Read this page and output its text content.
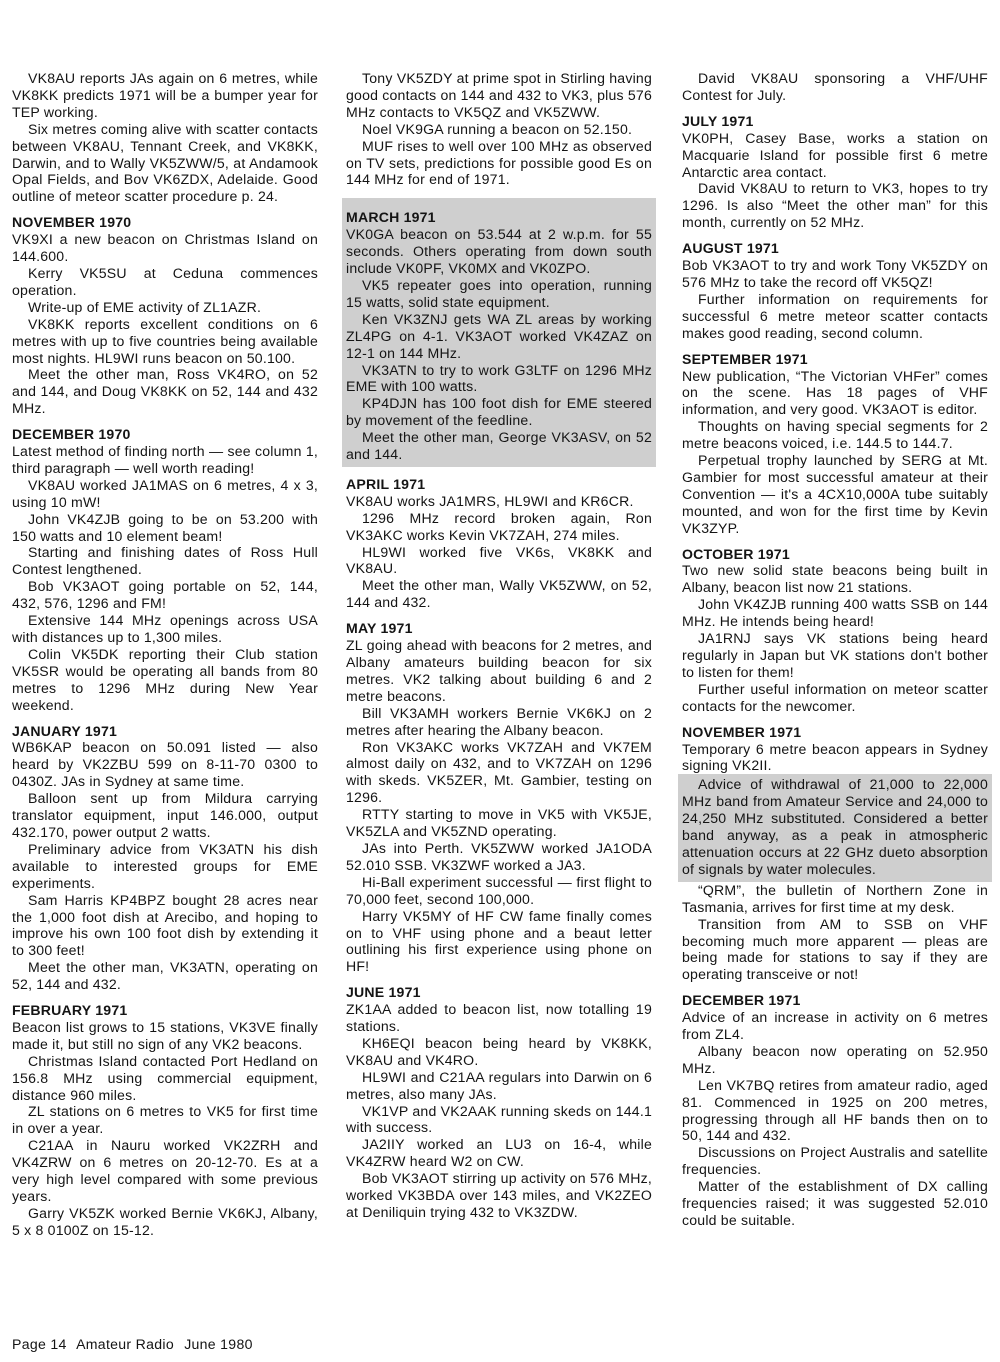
VK8AU reports JAs again on 6 metres, while VK8KK predicts 1971 will be a bumper year for TEP working.

Six metres coming alive with scatter contacts between VK8AU, Tennant Creek, and VK8KK, Darwin, and to Wally VK5ZWW/5, at Andamook Opal Fields, and Bov VK6ZDX, Adelaide. Good outline of meteor scatter procedure p. 24.

NOVEMBER 1970

VK9XI a new beacon on Christmas Island on 144.600.

Kerry VK5SU at Ceduna commences operation.

Write-up of EME activity of ZL1AZR.

VK8KK reports excellent conditions on 6 metres with up to five countries being available most nights. HL9WI runs beacon on 50.100.

Meet the other man, Ross VK4RO, on 52 and 144, and Doug VK8KK on 52, 144 and 432 MHz.

DECEMBER 1970

Latest method of finding north — see column 1, third paragraph — well worth reading!

VK8AU worked JA1MAS on 6 metres, 4 x 3, using 10 mW!

John VK4ZJB going to be on 53.200 with 150 watts and 10 element beam!

Starting and finishing dates of Ross Hull Contest lengthened.

Bob VK3AOT going portable on 52, 144, 432, 576, 1296 and FM!

Extensive 144 MHz openings across USA with distances up to 1,300 miles.

Colin VK5DK reporting their Club station VK5SR would be operating all bands from 80 metres to 1296 MHz during New Year weekend.

JANUARY 1971

WB6KAP beacon on 50.091 listed — also heard by VK2ZBU 599 on 8-11-70 0300 to 0430Z. JAs in Sydney at same time.

Balloon sent up from Mildura carrying translator equipment, input 146.000, output 432.170, power output 2 watts.

Preliminary advice from VK3ATN his dish available to interested groups for EME experiments.

Sam Harris KP4BPZ bought 28 acres near the 1,000 foot dish at Arecibo, and hoping to improve his own 100 foot dish by extending it to 300 feet!

Meet the other man, VK3ATN, operating on 52, 144 and 432.

FEBRUARY 1971

Beacon list grows to 15 stations, VK3VE finally made it, but still no sign of any VK2 beacons.

Christmas Island contacted Port Hedland on 156.8 MHz using commercial equipment, distance 960 miles.

ZL stations on 6 metres to VK5 for first time in over a year.

C21AA in Nauru worked VK2ZRH and VK4ZRW on 6 metres on 20-12-70. Es at a very high level compared with some previous years.

Garry VK5ZK worked Bernie VK6KJ, Albany, 5 x 8 0100Z on 15-12.

Tony VK5ZDY at prime spot in Stirling having good contacts on 144 and 432 to VK3, plus 576 MHz contacts to VK5QZ and VK5ZWW.

Noel VK9GA running a beacon on 52.150.

MUF rises to well over 100 MHz as observed on TV sets, predictions for possible good Es on 144 MHz for end of 1971.

MARCH 1971

VK0GA beacon on 53.544 at 2 w.p.m. for 55 seconds. Others operating from down south include VK0PF, VK0MX and VK0ZPO.

VK5 repeater goes into operation, running 15 watts, solid state equipment.

Ken VK3ZNJ gets WA ZL areas by working ZL4PG on 4-1. VK3AOT worked VK4ZAZ on 12-1 on 144 MHz.

VK3ATN to try to work G3LTF on 1296 MHz EME with 100 watts.

KP4DJN has 100 foot dish for EME steered by movement of the feedline.

Meet the other man, George VK3ASV, on 52 and 144.

APRIL 1971

VK8AU works JA1MRS, HL9WI and KR6CR.

1296 MHz record broken again, Ron VK3AKC works Kevin VK7ZAH, 274 miles.

HL9WI worked five VK6s, VK8KK and VK8AU.

Meet the other man, Wally VK5ZWW, on 52, 144 and 432.

MAY 1971

ZL going ahead with beacons for 2 metres, and Albany amateurs building beacon for six metres. VK2 talking about building 6 and 2 metre beacons.

Bill VK3AMH workers Bernie VK6KJ on 2 metres after hearing the Albany beacon.

Ron VK3AKC works VK7ZAH and VK7EM almost daily on 432, and to VK7ZAH on 1296 with skeds. VK5ZER, Mt. Gambier, testing on 1296.

RTTY starting to move in VK5 with VK5JE, VK5ZLA and VK5ZND operating.

JAs into Perth. VK5ZWW worked JA1ODA 52.010 SSB. VK3ZWF worked a JA3.

Hi-Ball experiment successful — first flight to 70,000 feet, second 100,000.

Harry VK5MY of HF CW fame finally comes on to VHF using phone and a beaut letter outlining his first experience using phone on HF!

JUNE 1971

ZK1AA added to beacon list, now totalling 19 stations.

KH6EQI beacon being heard by VK8KK, VK8AU and VK4RO.

HL9WI and C21AA regulars into Darwin on 6 metres, also many JAs.

VK1VP and VK2AAK running skeds on 144.1 with success.

JA2IIY worked an LU3 on 16-4, while VK4ZRW heard W2 on CW.

Bob VK3AOT stirring up activity on 576 MHz, worked VK3BDA over 143 miles, and VK2ZEO at Deniliquin trying 432 to VK3ZDW.

David VK8AU sponsoring a VHF/UHF Contest for July.

JULY 1971

VK0PH, Casey Base, works a station on Macquarie Island for possible first 6 metre Antarctic area contact.

David VK8AU to return to VK3, hopes to try 1296. Is also “Meet the other man” for this month, currently on 52 MHz.

AUGUST 1971

Bob VK3AOT to try and work Tony VK5ZDY on 576 MHz to take the record off VK5QZ!

Further information on requirements for successful 6 metre meteor scatter contacts makes good reading, second column.

SEPTEMBER 1971

New publication, “The Victorian VHFer” comes on the scene. Has 18 pages of VHF information, and very good. VK3AOT is editor.

Thoughts on having special segments for 2 metre beacons voiced, i.e. 144.5 to 144.7.

Perpetual trophy launched by SERG at Mt. Gambier for most successful amateur at their Convention — it's a 4CX10,000A tube suitably mounted, and won for the first time by Kevin VK3ZYP.

OCTOBER 1971

Two new solid state beacons being built in Albany, beacon list now 21 stations.

John VK4ZJB running 400 watts SSB on 144 MHz. He intends being heard!

JA1RNJ says VK stations being heard regularly in Japan but VK stations don't bother to listen for them!

Further useful information on meteor scatter contacts for the newcomer.

NOVEMBER 1971

Temporary 6 metre beacon appears in Sydney signing VK2II.

Advice of withdrawal of 21,000 to 22,000 MHz band from Amateur Service and 24,000 to 24,250 MHz substituted. Considered a better band anyway, as a peak in atmospheric attenuation occurs at 22 GHz dueto absorption of signals by water molecules.

“QRM”, the bulletin of Northern Zone in Tasmania, arrives for first time at my desk.

Transition from AM to SSB on VHF becoming much more apparent — pleas are being made for stations to say if they are operating transceive or not!

DECEMBER 1971

Advice of an increase in activity on 6 metres from ZL4.

Albany beacon now operating on 52.950 MHz.

Len VK7BQ retires from amateur radio, aged 81. Commenced in 1925 on 200 metres, progressing through all HF bands then on to 50, 144 and 432.

Discussions on Project Australis and satellite frequencies.

Matter of the establishment of DX calling frequencies raised; it was suggested 52.010 could be suitable.

Page 14 Amateur Radio June 1980
